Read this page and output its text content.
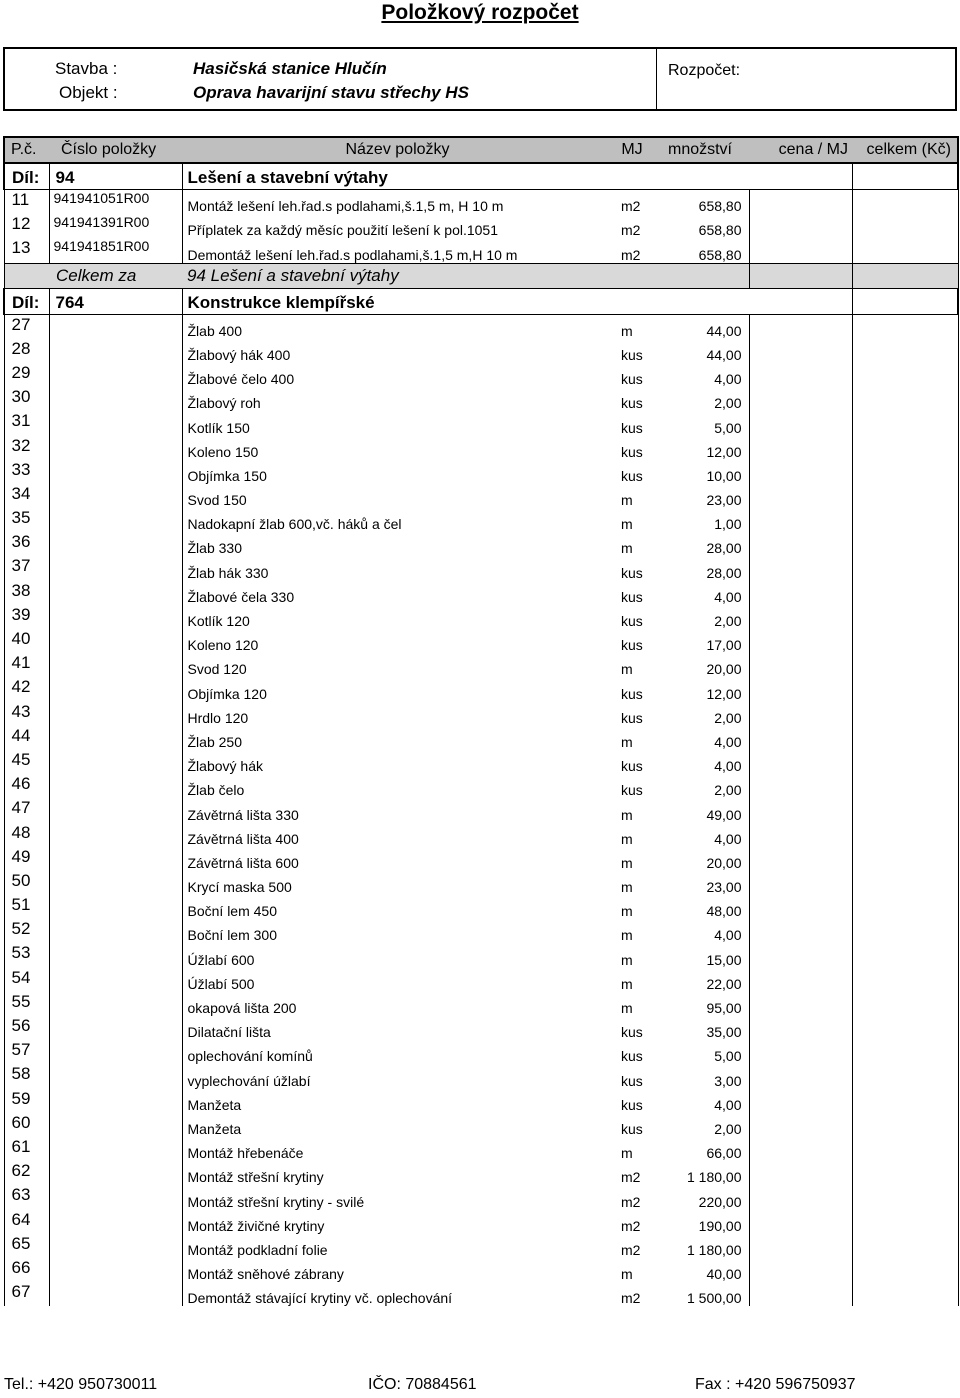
Položkový rozpočet
Stavba :	Hasičská stanice Hlučín
Objekt :	Oprava havarijní stavu střechy HS
Rozpočet:
P.č.	Číslo položky	Název položky	MJ	množství	cena / MJ	celkem (Kč)
Díl:	94	Lešení a stavební výtahy				
11	941941051R00	Montáž lešení leh.řad.s podlahami,š.1,5 m, H 10 m	m2	658,80		
12	941941391R00	Příplatek za každý měsíc použití lešení k pol.1051	m2	658,80		
13	941941851R00	Demontáž lešení leh.řad.s podlahami,š.1,5 m,H 10 m	m2	658,80		
	Celkem za	94 Lešení a stavební výtahy				
Díl:	764	Konstrukce klempířské				
27		Žlab 400	m	44,00		
28		Žlabový hák 400	kus	44,00		
29		Žlabové čelo 400	kus	4,00		
30		Žlabový roh	kus	2,00		
31		Kotlík 150	kus	5,00		
32		Koleno 150	kus	12,00		
33		Objímka 150	kus	10,00		
34		Svod 150	m	23,00		
35		Nadokapní žlab 600,vč. háků a čel	m	1,00		
36		Žlab 330	m	28,00		
37		Žlab hák 330	kus	28,00		
38		Žlabové čela 330	kus	4,00		
39		Kotlík 120	kus	2,00		
40		Koleno 120	kus	17,00		
41		Svod 120	m	20,00		
42		Objímka 120	kus	12,00		
43		Hrdlo 120	kus	2,00		
44		Žlab 250	m	4,00		
45		Žlabový hák	kus	4,00		
46		Žlab čelo	kus	2,00		
47		Závětrná lišta 330	m	49,00		
48		Závětrná lišta 400	m	4,00		
49		Závětrná lišta 600	m	20,00		
50		Krycí maska 500	m	23,00		
51		Boční lem 450	m	48,00		
52		Boční lem 300	m	4,00		
53		Úžlabí 600	m	15,00		
54		Úžlabí 500	m	22,00		
55		okapová lišta 200	m	95,00		
56		Dilatační lišta	kus	35,00		
57		oplechování komínů	kus	5,00		
58		vyplechování úžlabí	kus	3,00		
59		Manžeta	kus	4,00		
60		Manžeta	kus	2,00		
61		Montáž hřebenáče	m	66,00		
62		Montáž střešní krytiny	m2	1 180,00		
63		Montáž střešní krytiny - svilé	m2	220,00		
64		Montáž živičné krytiny	m2	190,00		
65		Montáž podkladní folie	m2	1 180,00		
66		Montáž sněhové zábrany	m	40,00		
67		Demontáž stávající krytiny vč. oplechování	m2	1 500,00		
Tel.: +420 950730011	IČO: 70884561	Fax : +420 596750937
